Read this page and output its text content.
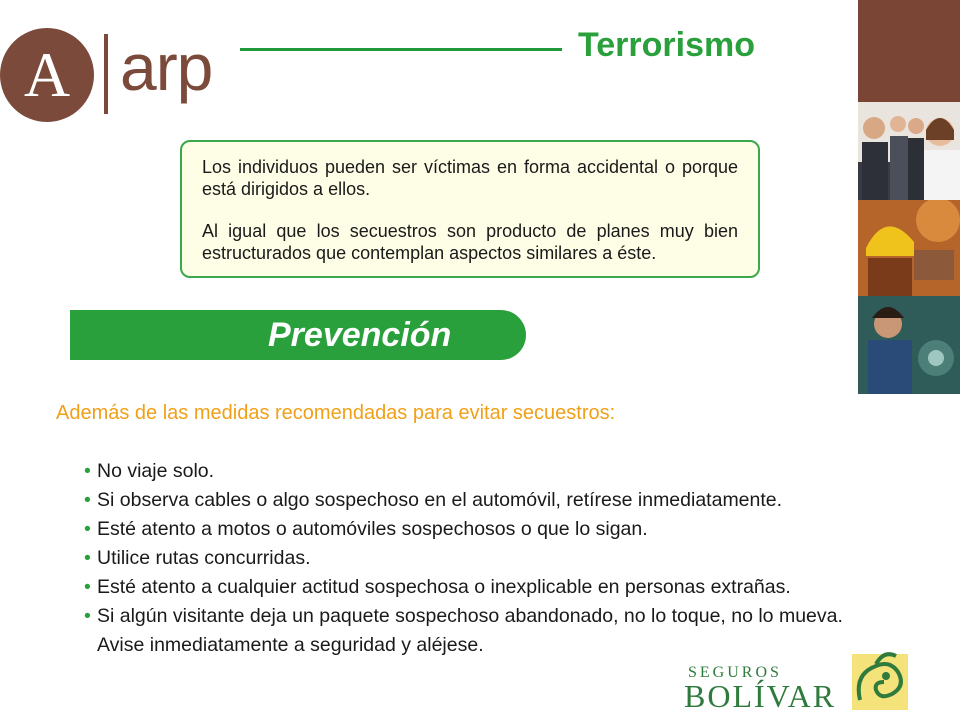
A arp	Terrorismo

Los individuos pueden ser víctimas en forma accidental o porque está dirigidos a ellos.

Al igual que los secuestros son producto de planes muy bien estructurados que contemplan aspectos similares a éste.

Prevención
Además de las medidas recomendadas para evitar secuestros:
• No viaje solo.
• Si observa cables o algo sospechoso en el automóvil, retírese inmediatamente.
• Esté atento a motos o automóviles sospechosos o que lo sigan.
• Utilice rutas concurridas.
• Esté atento a cualquier actitud sospechosa o inexplicable en personas extrañas.
• Si algún visitante deja un paquete sospechoso abandonado, no lo toque, no lo mueva. Avise inmediatamente a seguridad y aléjese.
SEGUROS
BOLÍVAR
